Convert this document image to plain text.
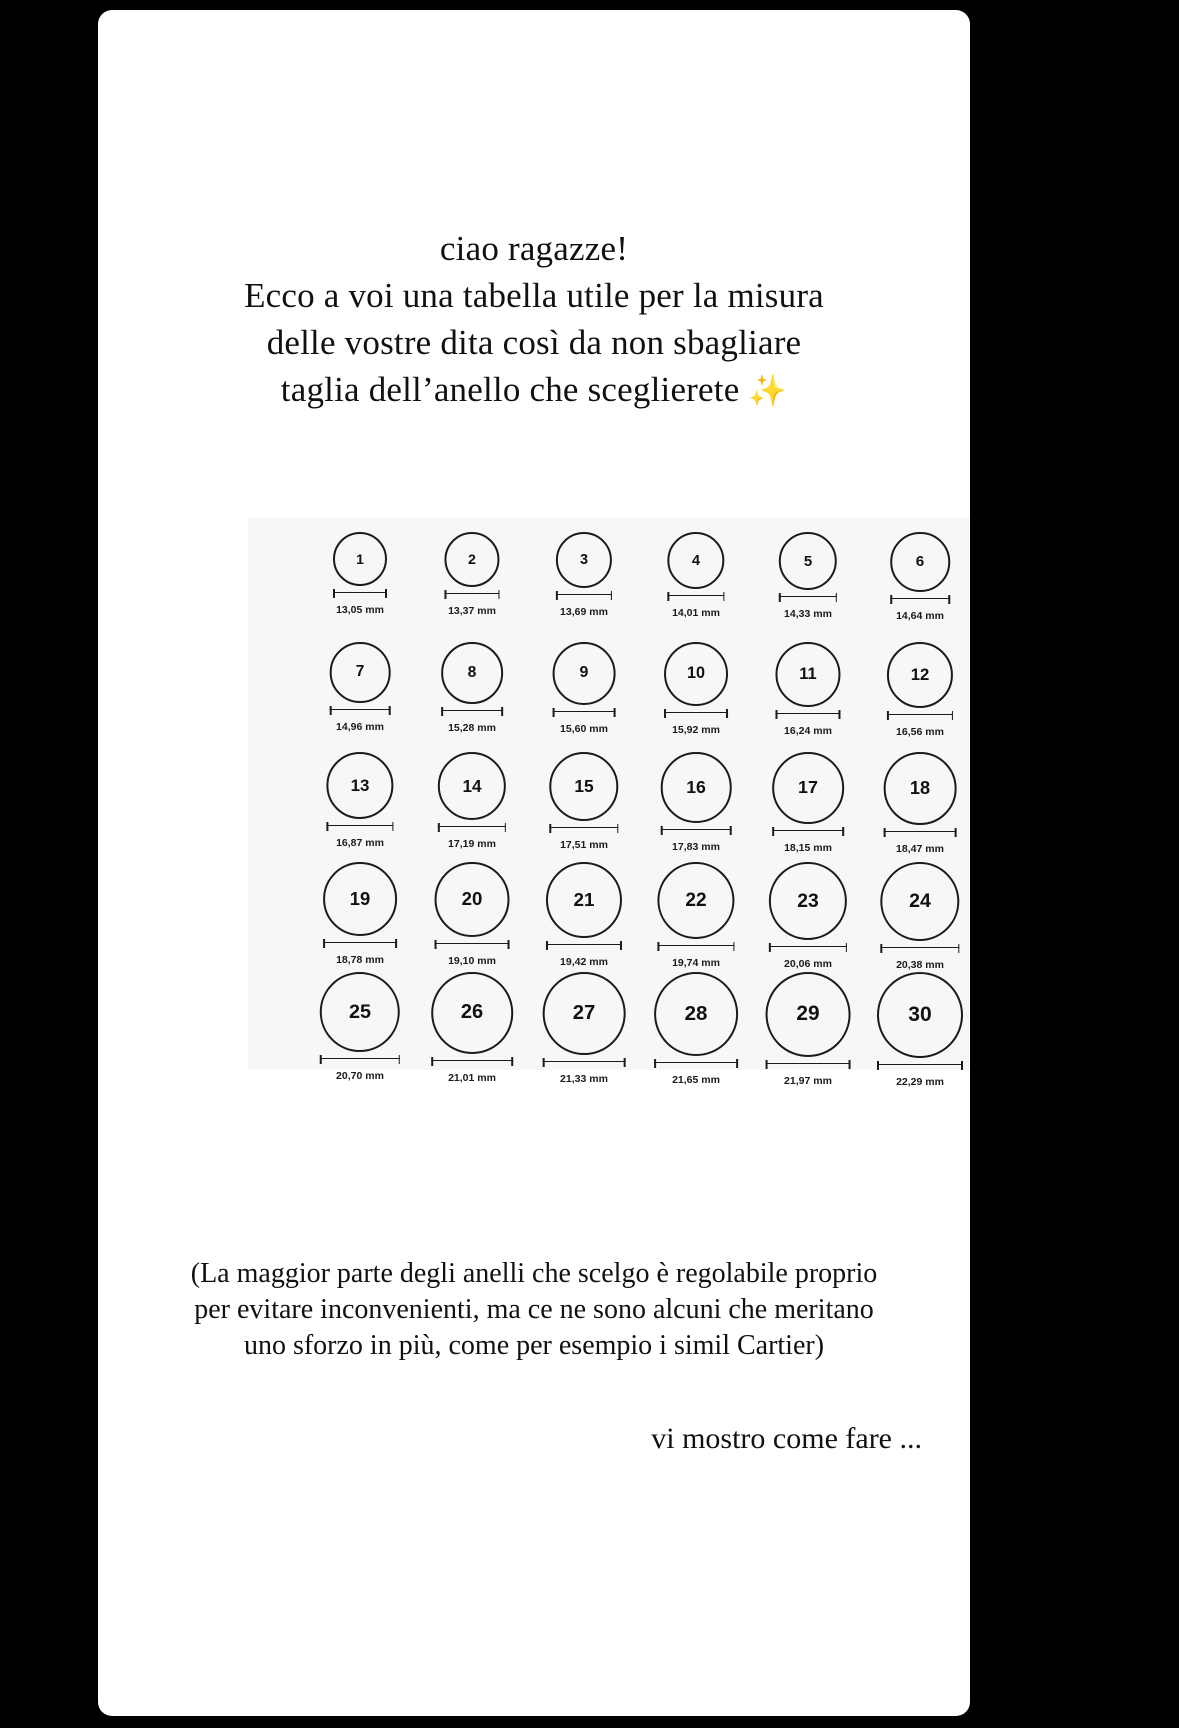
ciao ragazze!
Ecco a voi una tabella utile per la misura
delle vostre dita così da non sbagliare
taglia dell’anello che sceglierete ✨
1
13,05 mm
2
13,37 mm
3
13,69 mm
4
14,01 mm
5
14,33 mm
6
14,64 mm
7
14,96 mm
8
15,28 mm
9
15,60 mm
10
15,92 mm
11
16,24 mm
12
16,56 mm
13
16,87 mm
14
17,19 mm
15
17,51 mm
16
17,83 mm
17
18,15 mm
18
18,47 mm
19
18,78 mm
20
19,10 mm
21
19,42 mm
22
19,74 mm
23
20,06 mm
24
20,38 mm
25
20,70 mm
26
21,01 mm
27
21,33 mm
28
21,65 mm
29
21,97 mm
30
22,29 mm
(La maggior parte degli anelli che scelgo è regolabile proprio
per evitare inconvenienti, ma ce ne sono alcuni che meritano
uno sforzo in più, come per esempio i simil Cartier)
vi mostro come fare ...
